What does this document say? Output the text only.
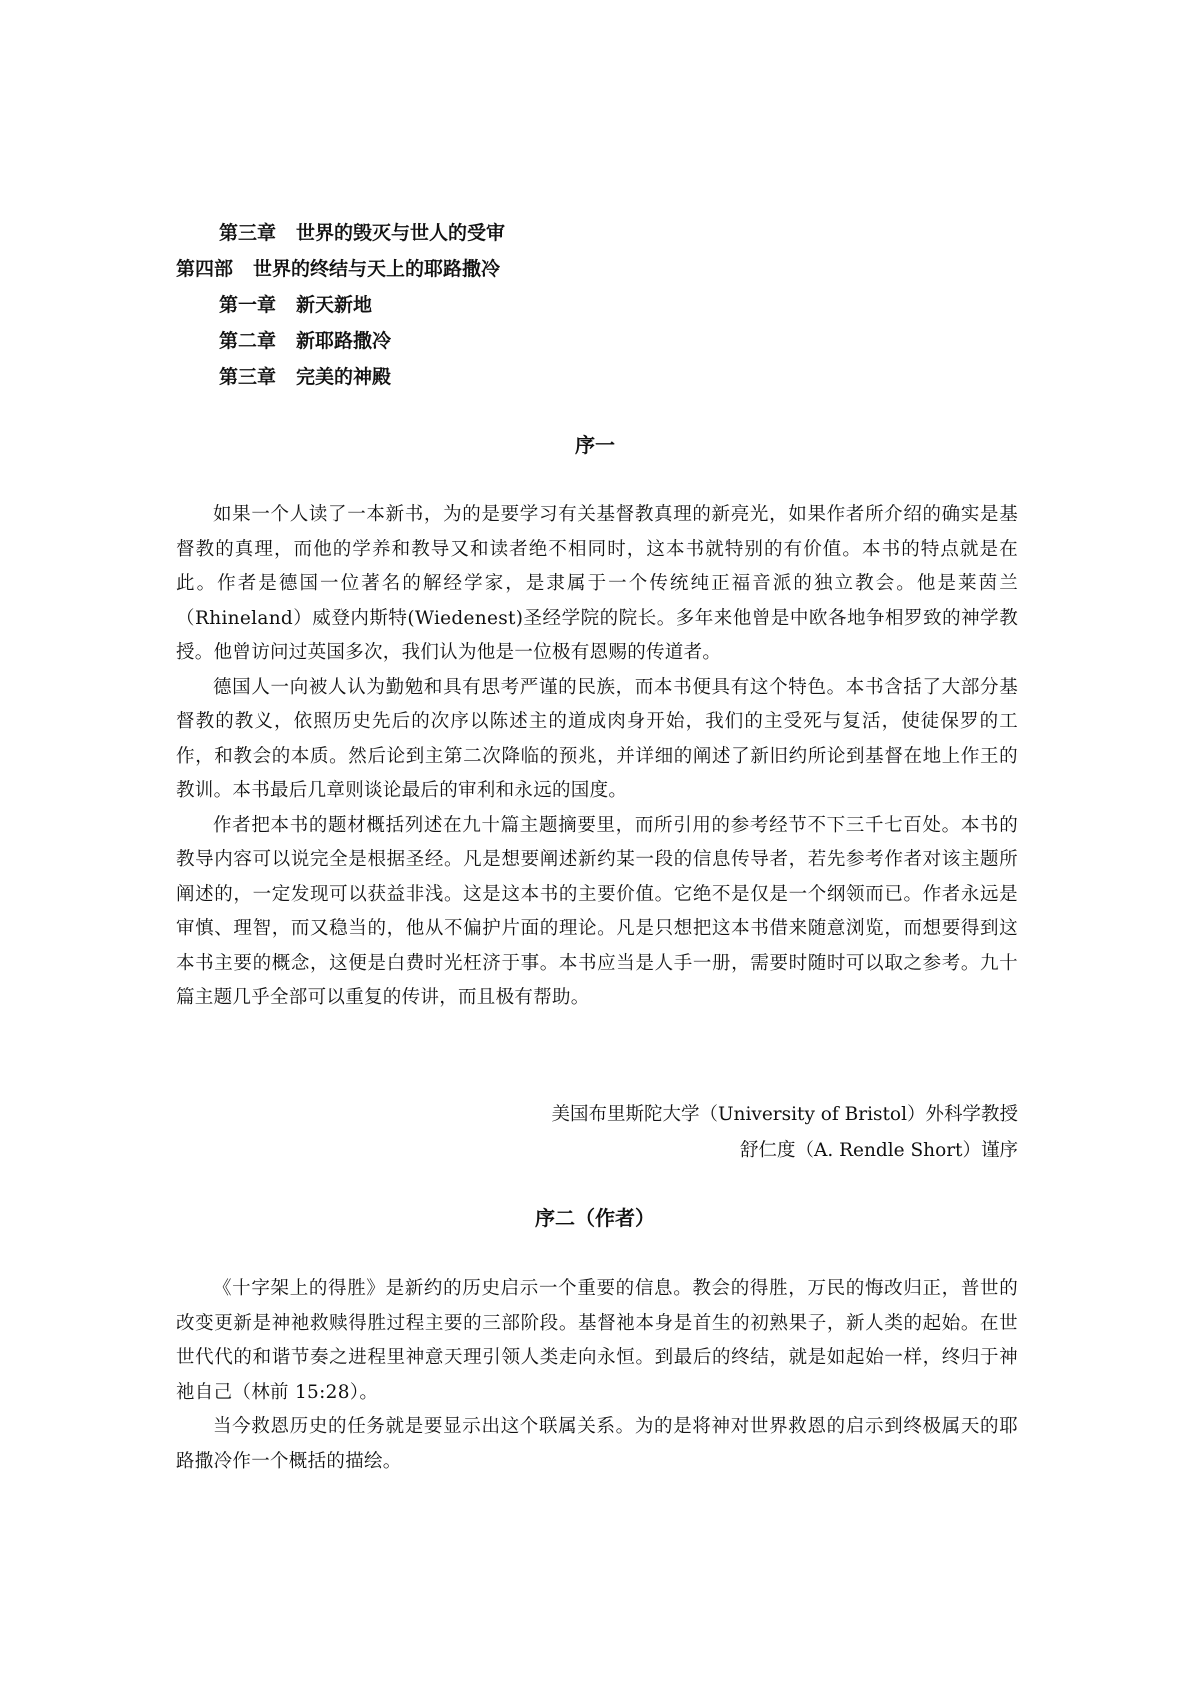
第三章 世界的毁灭与世人的受审
第四部 世界的终结与天上的耶路撒冷
第一章 新天新地
第二章 新耶路撒冷
第三章 完美的神殿
序一

如果一个人读了一本新书，为的是要学习有关基督教真理的新亮光，如果作者所介绍的确实是基督教的真理，而他的学养和教导又和读者绝不相同时，这本书就特别的有价值。本书的特点就是在此。作者是德国一位著名的解经学家，是隶属于一个传统纯正福音派的独立教会。他是莱茵兰（Rhineland）威登内斯特(Wiedenest)圣经学院的院长。多年来他曾是中欧各地争相罗致的神学教授。他曾访问过英国多次，我们认为他是一位极有恩赐的传道者。

德国人一向被人认为勤勉和具有思考严谨的民族，而本书便具有这个特色。本书含括了大部分基督教的教义，依照历史先后的次序以陈述主的道成肉身开始，我们的主受死与复活，使徒保罗的工作，和教会的本质。然后论到主第二次降临的预兆，并详细的阐述了新旧约所论到基督在地上作王的教训。本书最后几章则谈论最后的审利和永远的国度。

作者把本书的题材概括列述在九十篇主题摘要里，而所引用的参考经节不下三千七百处。本书的教导内容可以说完全是根据圣经。凡是想要阐述新约某一段的信息传导者，若先参考作者对该主题所阐述的，一定发现可以获益非浅。这是这本书的主要价值。它绝不是仅是一个纲领而已。作者永远是审慎、理智，而又稳当的，他从不偏护片面的理论。凡是只想把这本书借来随意浏览，而想要得到这本书主要的概念，这便是白费时光枉济于事。本书应当是人手一册，需要时随时可以取之参考。九十篇主题几乎全部可以重复的传讲，而且极有帮助。

美国布里斯陀大学（University of Bristol）外科学教授
舒仁度（A. Rendle Short）谨序
序二（作者）

《十字架上的得胜》是新约的历史启示一个重要的信息。教会的得胜，万民的悔改归正，普世的改变更新是神祂救赎得胜过程主要的三部阶段。基督祂本身是首生的初熟果子，新人类的起始。在世世代代的和谐节奏之进程里神意天理引领人类走向永恒。到最后的终结，就是如起始一样，终归于神祂自己（林前 15:28）。

当今救恩历史的任务就是要显示出这个联属关系。为的是将神对世界救恩的启示到终极属天的耶路撒冷作一个概括的描绘。
